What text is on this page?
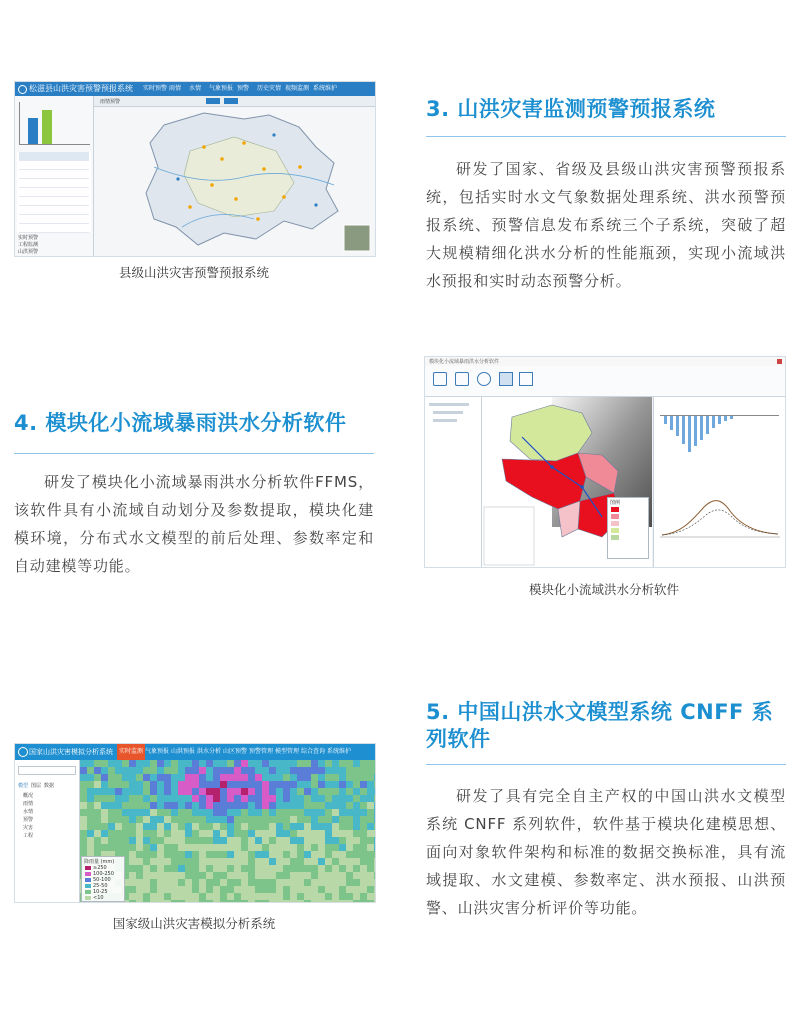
松滋县山洪灾害预警预报系统 实时预警 雨情 水情 气象预报 预警 历史灾情 视频监测 系统维护
实时预警
工程监测
山洪预警
雨情预警
县级山洪灾害预警预报系统
3. 山洪灾害监测预警预报系统
研发了国家、省级及县级山洪灾害预警预报系统，包括实时水文气象数据处理系统、洪水预警预报系统、预警信息发布系统三个子系统，突破了超大规模精细化洪水分析的性能瓶颈，实现小流域洪水预报和实时动态预警分析。
4. 模块化小流域暴雨洪水分析软件
研发了模块化小流域暴雨洪水分析软件FFMS，该软件具有小流域自动划分及参数提取，模块化建模环境，分布式水文模型的前后处理、参数率定和自动建模等功能。
模块化小流域暴雨洪水分析软件
图例
模块化小流域洪水分析软件
国家山洪灾害模拟分析系统	实时监测 气象预报 山洪预报 洪水分析 山区预警 预警管理 模型管理 综合查询 系统维护
模型 图层 数据
概况
雨情
水情
预警
灾害
工程
降雨量 (mm)
≥250
100-250
50-100
25-50
10-25
<10
国家级山洪灾害模拟分析系统
5. 中国山洪水文模型系统 CNFF 系列软件
研发了具有完全自主产权的中国山洪水文模型系统 CNFF 系列软件，软件基于模块化建模思想、面向对象软件架构和标准的数据交换标准，具有流域提取、水文建模、参数率定、洪水预报、山洪预警、山洪灾害分析评价等功能。
